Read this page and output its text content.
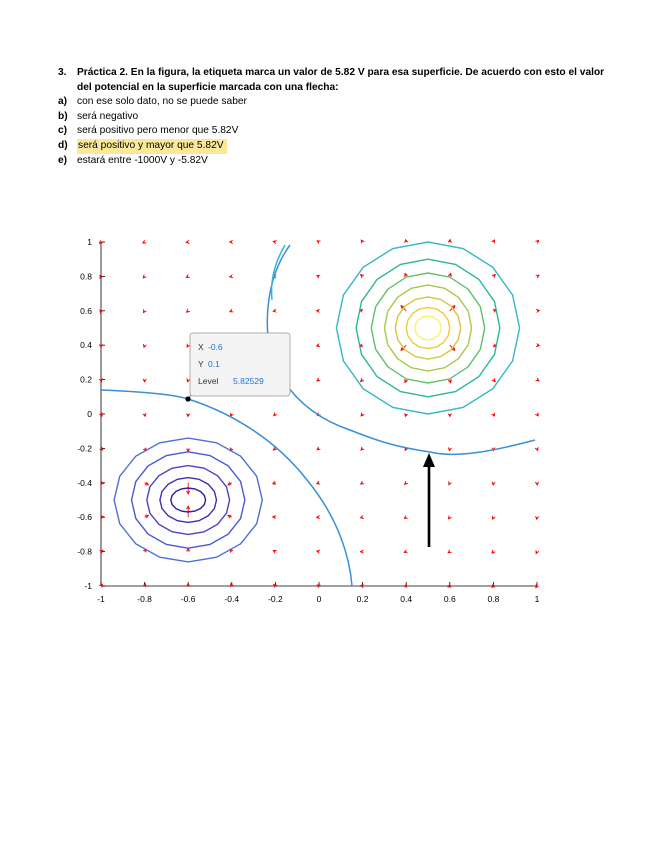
3.	Práctica 2. En la figura, la etiqueta marca un valor de 5.82 V para esa superficie. De acuerdo con esto el valor del potencial en la superficie marcada con una flecha:
a) con ese solo dato, no se puede saber
b) será negativo
c) será positivo pero menor que 5.82V
d)	será positivo y mayor que 5.82V
e) estará entre -1000V y -5.82V
-1	-0.8	-0.6	-0.4	-0.2	0	0.2	0.4	0.6	0.8	1
1
0.8
0.6
0.4
0.2
0
-0.2
-0.4
-0.6
-0.8
-1
X -0.6
Y 0.1
Level 5.82529
